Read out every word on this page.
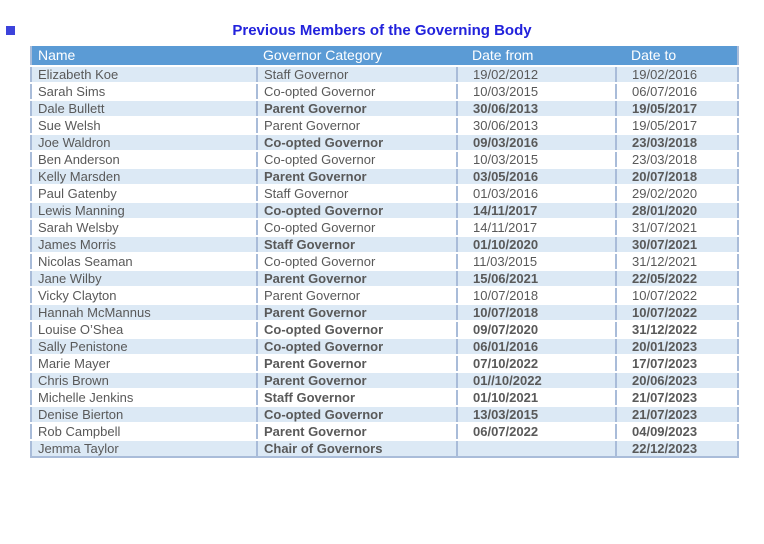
Previous Members of the Governing Body
Name	Governor Category	Date from	Date to
Elizabeth Koe	Staff Governor	19/02/2012	19/02/2016
Sarah Sims	Co-opted Governor	10/03/2015	06/07/2016
Dale Bullett	Parent Governor	30/06/2013	19/05/2017
Sue Welsh	Parent Governor	30/06/2013	19/05/2017
Joe Waldron	Co-opted Governor	09/03/2016	23/03/2018
Ben Anderson	Co-opted Governor	10/03/2015	23/03/2018
Kelly Marsden	Parent Governor	03/05/2016	20/07/2018
Paul Gatenby	Staff Governor	01/03/2016	29/02/2020
Lewis Manning	Co-opted Governor	14/11/2017	28/01/2020
Sarah Welsby	Co-opted Governor	14/11/2017	31/07/2021
James Morris	Staff Governor	01/10/2020	30/07/2021
Nicolas Seaman	Co-opted Governor	11/03/2015	31/12/2021
Jane Wilby	Parent Governor	15/06/2021	22/05/2022
Vicky Clayton	Parent Governor	10/07/2018	10/07/2022
Hannah McMannus	Parent Governor	10/07/2018	10/07/2022
Louise O’Shea	Co-opted Governor	09/07/2020	31/12/2022
Sally Penistone	Co-opted Governor	06/01/2016	20/01/2023
Marie Mayer	Parent Governor	07/10/2022	17/07/2023
Chris Brown	Parent Governor	01//10/2022	20/06/2023
Michelle Jenkins	Staff Governor	01/10/2021	21/07/2023
Denise Bierton	Co-opted Governor	13/03/2015	21/07/2023
Rob Campbell	Parent Governor	06/07/2022	04/09/2023
Jemma Taylor	Chair of Governors		22/12/2023
